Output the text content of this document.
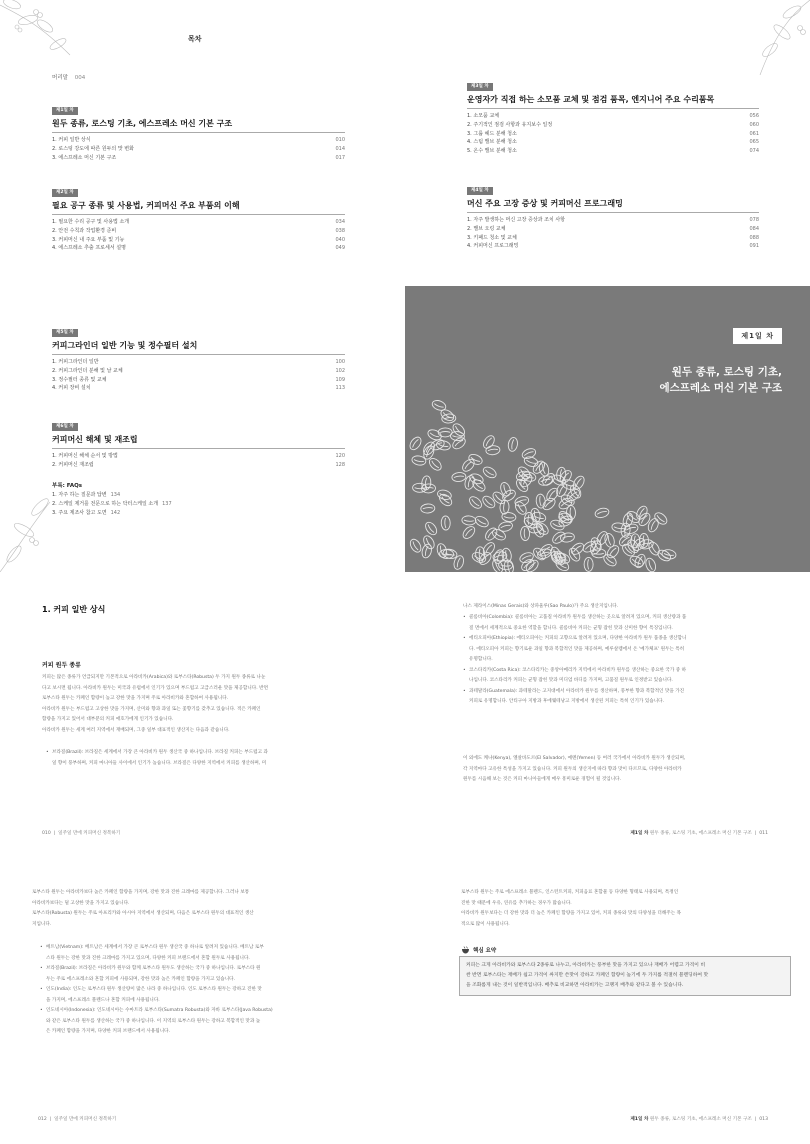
목차
머리말 004
제1일 차
원두 종류, 로스팅 기초, 에스프레소 머신 기본 구조
1. 커피 일반 상식	010
2. 로스팅 강도에 따른 원두의 맛 변화	014
3. 에스프레소 머신 기본 구조	017
제2일 차
필요 공구 종류 및 사용법, 커피머신 주요 부품의 이해
1. 필요한 수리 공구 및 사용법 소개	034
2. 안전 수칙과 작업환경 준비	038
3. 커피머신 내 주요 부품 및 기능	040
4. 에스프레소 추출 프로세서 설명	049
제3일 차
운영자가 직접 하는 소모품 교체 및 점검 품목, 엔지니어 주요 수리품목
1. 소모품 교체	056
2. 주기적인 점검 사항과 유지보수 일정	060
3. 그룹 헤드 분해 청소	061
4. 스팀 밸브 분해 청소	065
5. 온수 밸브 분해 청소	074
제4일 차
머신 주요 고장 증상 및 커피머신 프로그래밍
1. 자주 발생하는 머신 고장 증상과 조치 사항	078
2. 밸브 오링 교체	084
3. 키패드 청소 및 교체	088
4. 커피머신 프로그래밍	091
제5일 차
커피그라인더 일반 기능 및 정수필터 설치
1. 커피그라인더 일반	100
2. 커피그라인더 분해 및 날 교체	102
3. 정수필터 종류 및 교체	109
4. 커피 장비 설치	113
제6일 차
커피머신 해체 및 재조립
1. 커피머신 해체 순서 및 방법	120
2. 커피머신 재조립	128
부록: FAQs
1. 자주 하는 질문과 답변 134
2. 스케일 제거를 전문으로 하는 닥터스케일 소개 137
3. 주요 제조사 참고 도면 142
제1일 차
원두 종류, 로스팅 기초,
에스프레소 머신 기본 구조
1. 커피 일반 상식
커피 원두 종류

커피는 많은 종류가 언급되지만 기본적으로 아라비카(Arabica)와 로부스타(Robusta) 두 가지 원두 종류로 나눈

다고 보시면 됩니다. 아라비카 원두는 미국과 유럽에서 인기가 있으며 부드럽고 고급스러운 맛을 제공합니다. 반면

로부스타 원두는 카페인 함량이 높고 강한 맛을 가지며 주로 아라비카와 혼합하여 사용됩니다.

아라비카 원두는 부드럽고 고상한 맛을 가지며, 산미와 향과 과일 또는 꽃향기를 갖추고 있습니다. 적은 카페인

함량을 가지고 있어서 대부분의 커피 애호가에게 인기가 있습니다.

아라비카 원두는 세계 여러 지역에서 재배되며, 그중 일부 대표적인 생산지는 다음과 같습니다.

• 브라질(Brazil): 브라질은 세계에서 가장 큰 아라비카 원두 생산국 중 하나입니다. 브라질 커피는 부드럽고 과

일 향이 풍부하며, 커피 마니아들 사이에서 인기가 높습니다. 브라질은 다양한 지역에서 커피를 생산하며, 미
010  |  일주일 만에 커피머신 정복하기

나스 제라이스(Minas Gerais)와 상파울루(Sao Paulo)가 주요 생산지입니다.

• 콜롬비아(Colombia): 콜롬비아는 고품질 아라비카 원두를 생산하는 곳으로 알려져 있으며, 커피 생산량과 품

질 면에서 세계적으로 중요한 역할을 합니다. 콜롬비아 커피는 균형 잡힌 맛과 산미한 향이 특징입니다.

• 에티오피아(Ethiopia): 에티오피아는 커피의 고향으로 알려져 있으며, 다양한 아라비카 원두 품종을 생산합니

다. 에티오피아 커피는 향기로운 과일 향과 복합적인 맛을 제공하며, 예루살렘에서 온 '예가체프' 원두는 특히
유명합니다.

• 코스타리카(Costa Rica): 코스타리카는 중앙아메리카 지역에서 아라비카 원두를 생산하는 중요한 국가 중 하

나입니다. 코스타리카 커피는 균형 잡힌 맛과 미디엄 바디를 가지며, 고품질 원두로 인정받고 있습니다.

• 과테말라(Guatemala): 과테말라는 고지대에서 아라비카 원두를 생산하며, 풍부한 향과 복합적인 맛을 가진

커피로 유명합니다. 안티구아 지방과 후에웨테낭고 지방에서 생산된 커피는 특히 인기가 있습니다.

이 외에도 케냐(Kenya), 엘살바도르(El Salvador), 예멘(Yemen) 등 여러 국가에서 아라비카 원두가 생산되며,

각 지역마다 고유한 특성을 가지고 있습니다. 커피 원두의 생산지에 따라 향과 맛이 다르므로, 다양한 아라비카

원두를 시음해 보는 것은 커피 마니아들에게 매우 흥미로운 경험이 될 것입니다.

제1일 차 원두 종류, 로스팅 기초, 에스프레소 머신 기본 구조  |  011

로부스타 원두는 아라비카보다 높은 카페인 함량을 가지며, 강한 맛과 진한 크레마를 제공합니다. 그러나 보통

아라비카보다는 덜 고상한 맛을 가지고 있습니다.

로부스타(Robusta) 원두는 주로 아프리카와 아시아 지역에서 생산되며, 다음은 로부스타 원두의 대표적인 생산

지입니다.

• 베트남(Vietnam): 베트남은 세계에서 가장 큰 로부스타 원두 생산국 중 하나로 알려져 있습니다. 베트남 로부

스타 원두는 강한 맛과 진한 크레마를 가지고 있으며, 다양한 커피 브랜드에서 혼합 원두로 사용됩니다.

• 브라질(Brazil): 브라질은 아라비카 원두와 함께 로부스타 원두도 생산하는 국가 중 하나입니다. 로부스타 원

두는 주로 에스프레소와 혼합 커피에 사용되며, 강한 맛과 높은 카페인 함량을 가지고 있습니다.

• 인도(India): 인도는 로부스타 원두 생산량이 많은 나라 중 하나입니다. 인도 로부스타 원두는 강하고 진한 맛

을 가지며, 에스프레소 블렌드나 혼합 커피에 사용됩니다.

• 인도네시아(Indonesia): 인도네시아는 수마트라 로부스타(Sumatra Robusta)와 자바 로부스타(Java Robusta)

와 같은 로부스타 원두를 생산하는 국가 중 하나입니다. 이 지역의 로부스타 원두는 강하고 복합적인 맛과 높
은 카페인 함량을 가지며, 다양한 커피 브랜드에서 사용됩니다.
012  |  일주일 만에 커피머신 정복하기

로부스타 원두는 주로 에스프레소 블렌드, 인스턴트커피, 커피음료 혼합물 등 다양한 형태로 사용되며, 특정인

진한 맛 때문에 우유, 연유를 추가하는 경우가 많습니다.

아라비카 원두보다는 더 강한 맛과 더 높은 카페인 함량을 가지고 있어, 커피 종류와 맛의 다양성을 더해주는 목

적으로 많이 사용됩니다.

핵심 요약

커피는 크게 아라비카와 로부스타 2종류로 나누고, 아라비카는 풍부한 맛을 가지고 있으나 재배가 어렵고 가격이 비

싼 반면 로부스타는 재배가 쉽고 가격이 싸지만 쓴맛이 강하고 카페인 함량이 높기에 두 가지를 적절히 블렌딩하여 맛

을 조화롭게 내는 것이 일반적입니다. 배추로 비교하면 아라비카는 고랭지 배추와 같다고 볼 수 있습니다.

제1일 차 원두 종류, 로스팅 기초, 에스프레소 머신 기본 구조  |  013
